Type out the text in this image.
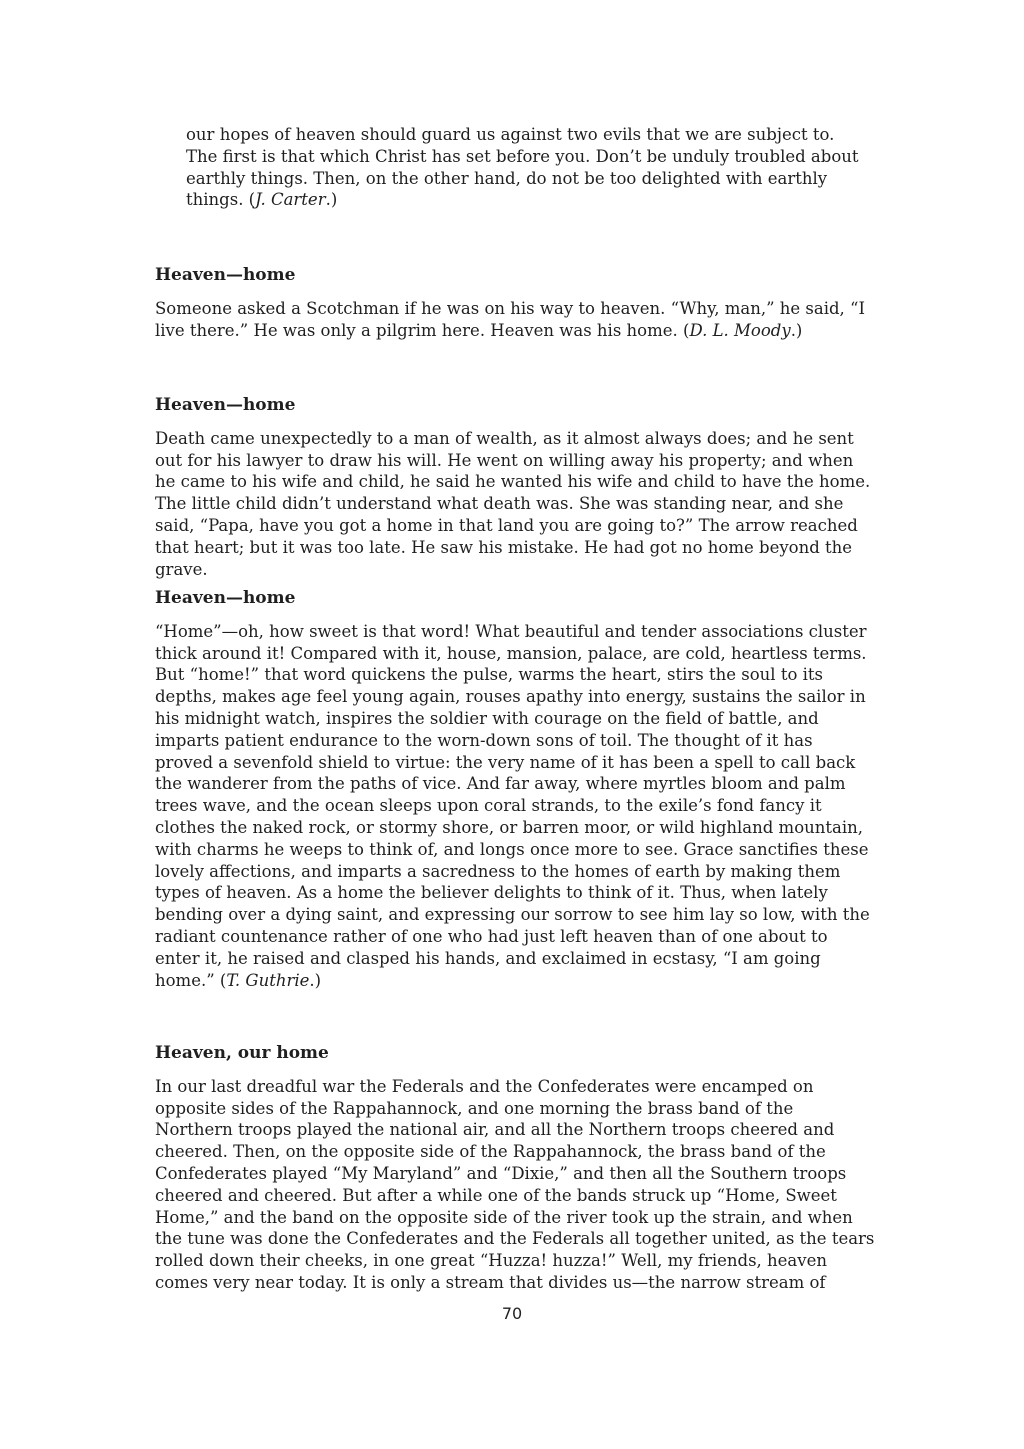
our hopes of heaven should guard us against two evils that we are subject to. The first is that which Christ has set before you. Don’t be unduly troubled about earthly things. Then, on the other hand, do not be too delighted with earthly things. (J. Carter.)

Heaven—home

Someone asked a Scotchman if he was on his way to heaven. “Why, man,” he said, “I live there.” He was only a pilgrim here. Heaven was his home. (D. L. Moody.)

Heaven—home

Death came unexpectedly to a man of wealth, as it almost always does; and he sent out for his lawyer to draw his will. He went on willing away his property; and when he came to his wife and child, he said he wanted his wife and child to have the home. The little child didn’t understand what death was. She was standing near, and she said, “Papa, have you got a home in that land you are going to?” The arrow reached that heart; but it was too late. He saw his mistake. He had got no home beyond the grave.

Heaven—home

“Home”—oh, how sweet is that word! What beautiful and tender associations cluster thick around it! Compared with it, house, mansion, palace, are cold, heartless terms. But “home!” that word quickens the pulse, warms the heart, stirs the soul to its depths, makes age feel young again, rouses apathy into energy, sustains the sailor in his midnight watch, inspires the soldier with courage on the field of battle, and imparts patient endurance to the worn-down sons of toil. The thought of it has proved a sevenfold shield to virtue: the very name of it has been a spell to call back the wanderer from the paths of vice. And far away, where myrtles bloom and palm trees wave, and the ocean sleeps upon coral strands, to the exile’s fond fancy it clothes the naked rock, or stormy shore, or barren moor, or wild highland mountain, with charms he weeps to think of, and longs once more to see. Grace sanctifies these lovely affections, and imparts a sacredness to the homes of earth by making them types of heaven. As a home the believer delights to think of it. Thus, when lately bending over a dying saint, and expressing our sorrow to see him lay so low, with the radiant countenance rather of one who had just left heaven than of one about to enter it, he raised and clasped his hands, and exclaimed in ecstasy, “I am going home.” (T. Guthrie.)

Heaven, our home

In our last dreadful war the Federals and the Confederates were encamped on opposite sides of the Rappahannock, and one morning the brass band of the Northern troops played the national air, and all the Northern troops cheered and cheered. Then, on the opposite side of the Rappahannock, the brass band of the Confederates played “My Maryland” and “Dixie,” and then all the Southern troops cheered and cheered. But after a while one of the bands struck up “Home, Sweet Home,” and the band on the opposite side of the river took up the strain, and when the tune was done the Confederates and the Federals all together united, as the tears rolled down their cheeks, in one great “Huzza! huzza!” Well, my friends, heaven comes very near today. It is only a stream that divides us—the narrow stream of

70
